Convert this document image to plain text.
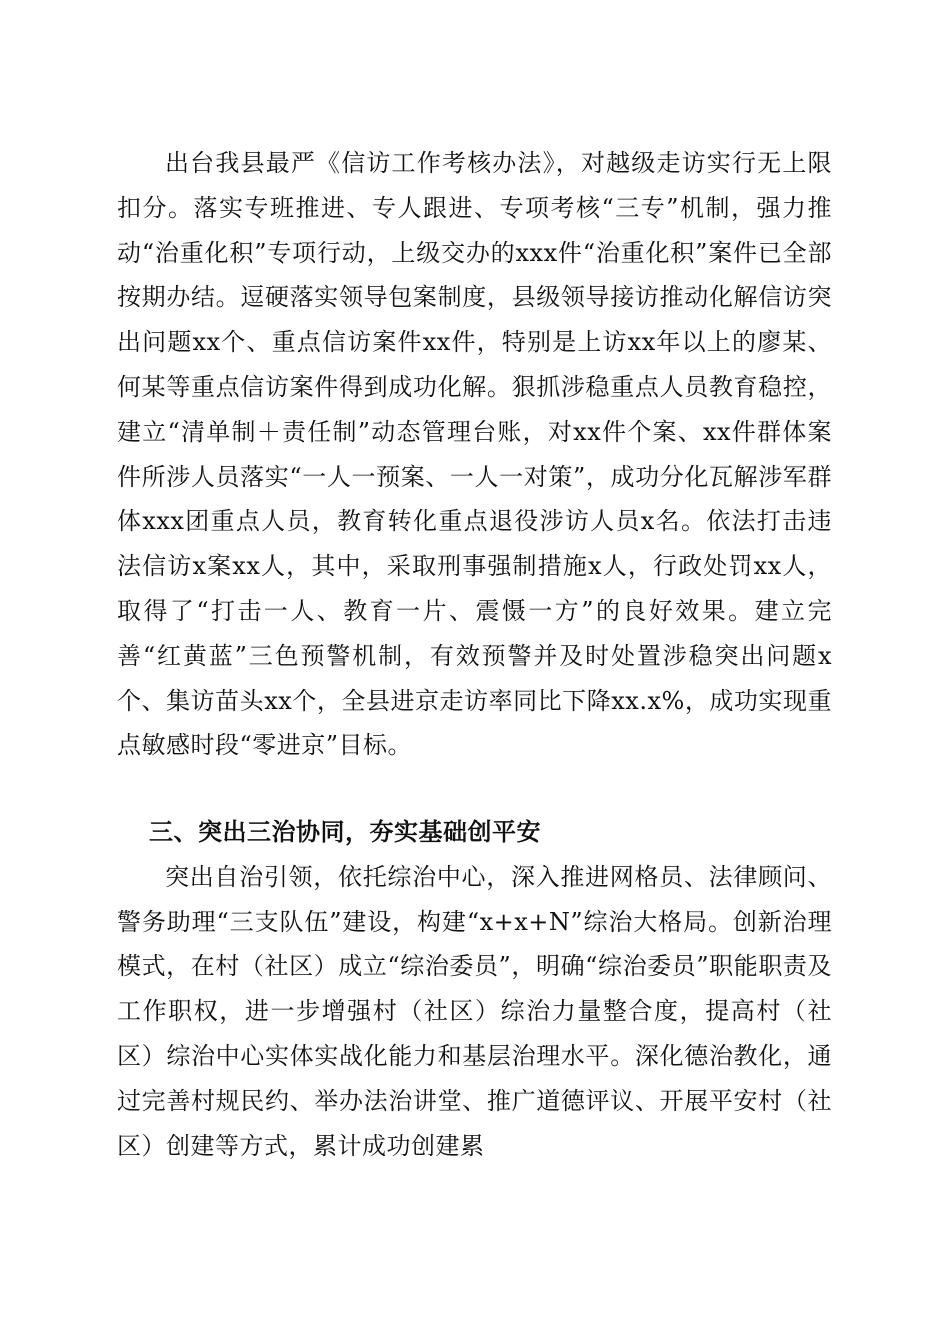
出台我县最严《信访工作考核办法》，对越级走访实行无上限扣分。落实专班推进、专人跟进、专项考核“三专”机制，强力推动“治重化积”专项行动，上级交办的xxx件“治重化积”案件已全部按期办结。逗硬落实领导包案制度，县级领导接访推动化解信访突出问题xx个、重点信访案件xx件，特别是上访xx年以上的廖某、何某等重点信访案件得到成功化解。狠抓涉稳重点人员教育稳控，建立“清单制＋责任制”动态管理台账，对xx件个案、xx件群体案件所涉人员落实“一人一预案、一人一对策”，成功分化瓦解涉军群体xxx团重点人员，教育转化重点退役涉访人员x名。依法打击违法信访x案xx人，其中，采取刑事强制措施x人，行政处罚xx人，取得了“打击一人、教育一片、震慑一方”的良好效果。建立完善“红黄蓝”三色预警机制，有效预警并及时处置涉稳突出问题x个、集访苗头xx个，全县进京走访率同比下降xx.x%，成功实现重点敏感时段“零进京”目标。

三、突出三治协同，夯实基础创平安

突出自治引领，依托综治中心，深入推进网格员、法律顾问、警务助理“三支队伍”建设，构建“x+x+N”综治大格局。创新治理模式，在村（社区）成立“综治委员”，明确“综治委员”职能职责及工作职权，进一步增强村（社区）综治力量整合度，提高村（社区）综治中心实体实战化能力和基层治理水平。深化德治教化，通过完善村规民约、举办法治讲堂、推广道德评议、开展平安村（社区）创建等方式，累计成功创建累
